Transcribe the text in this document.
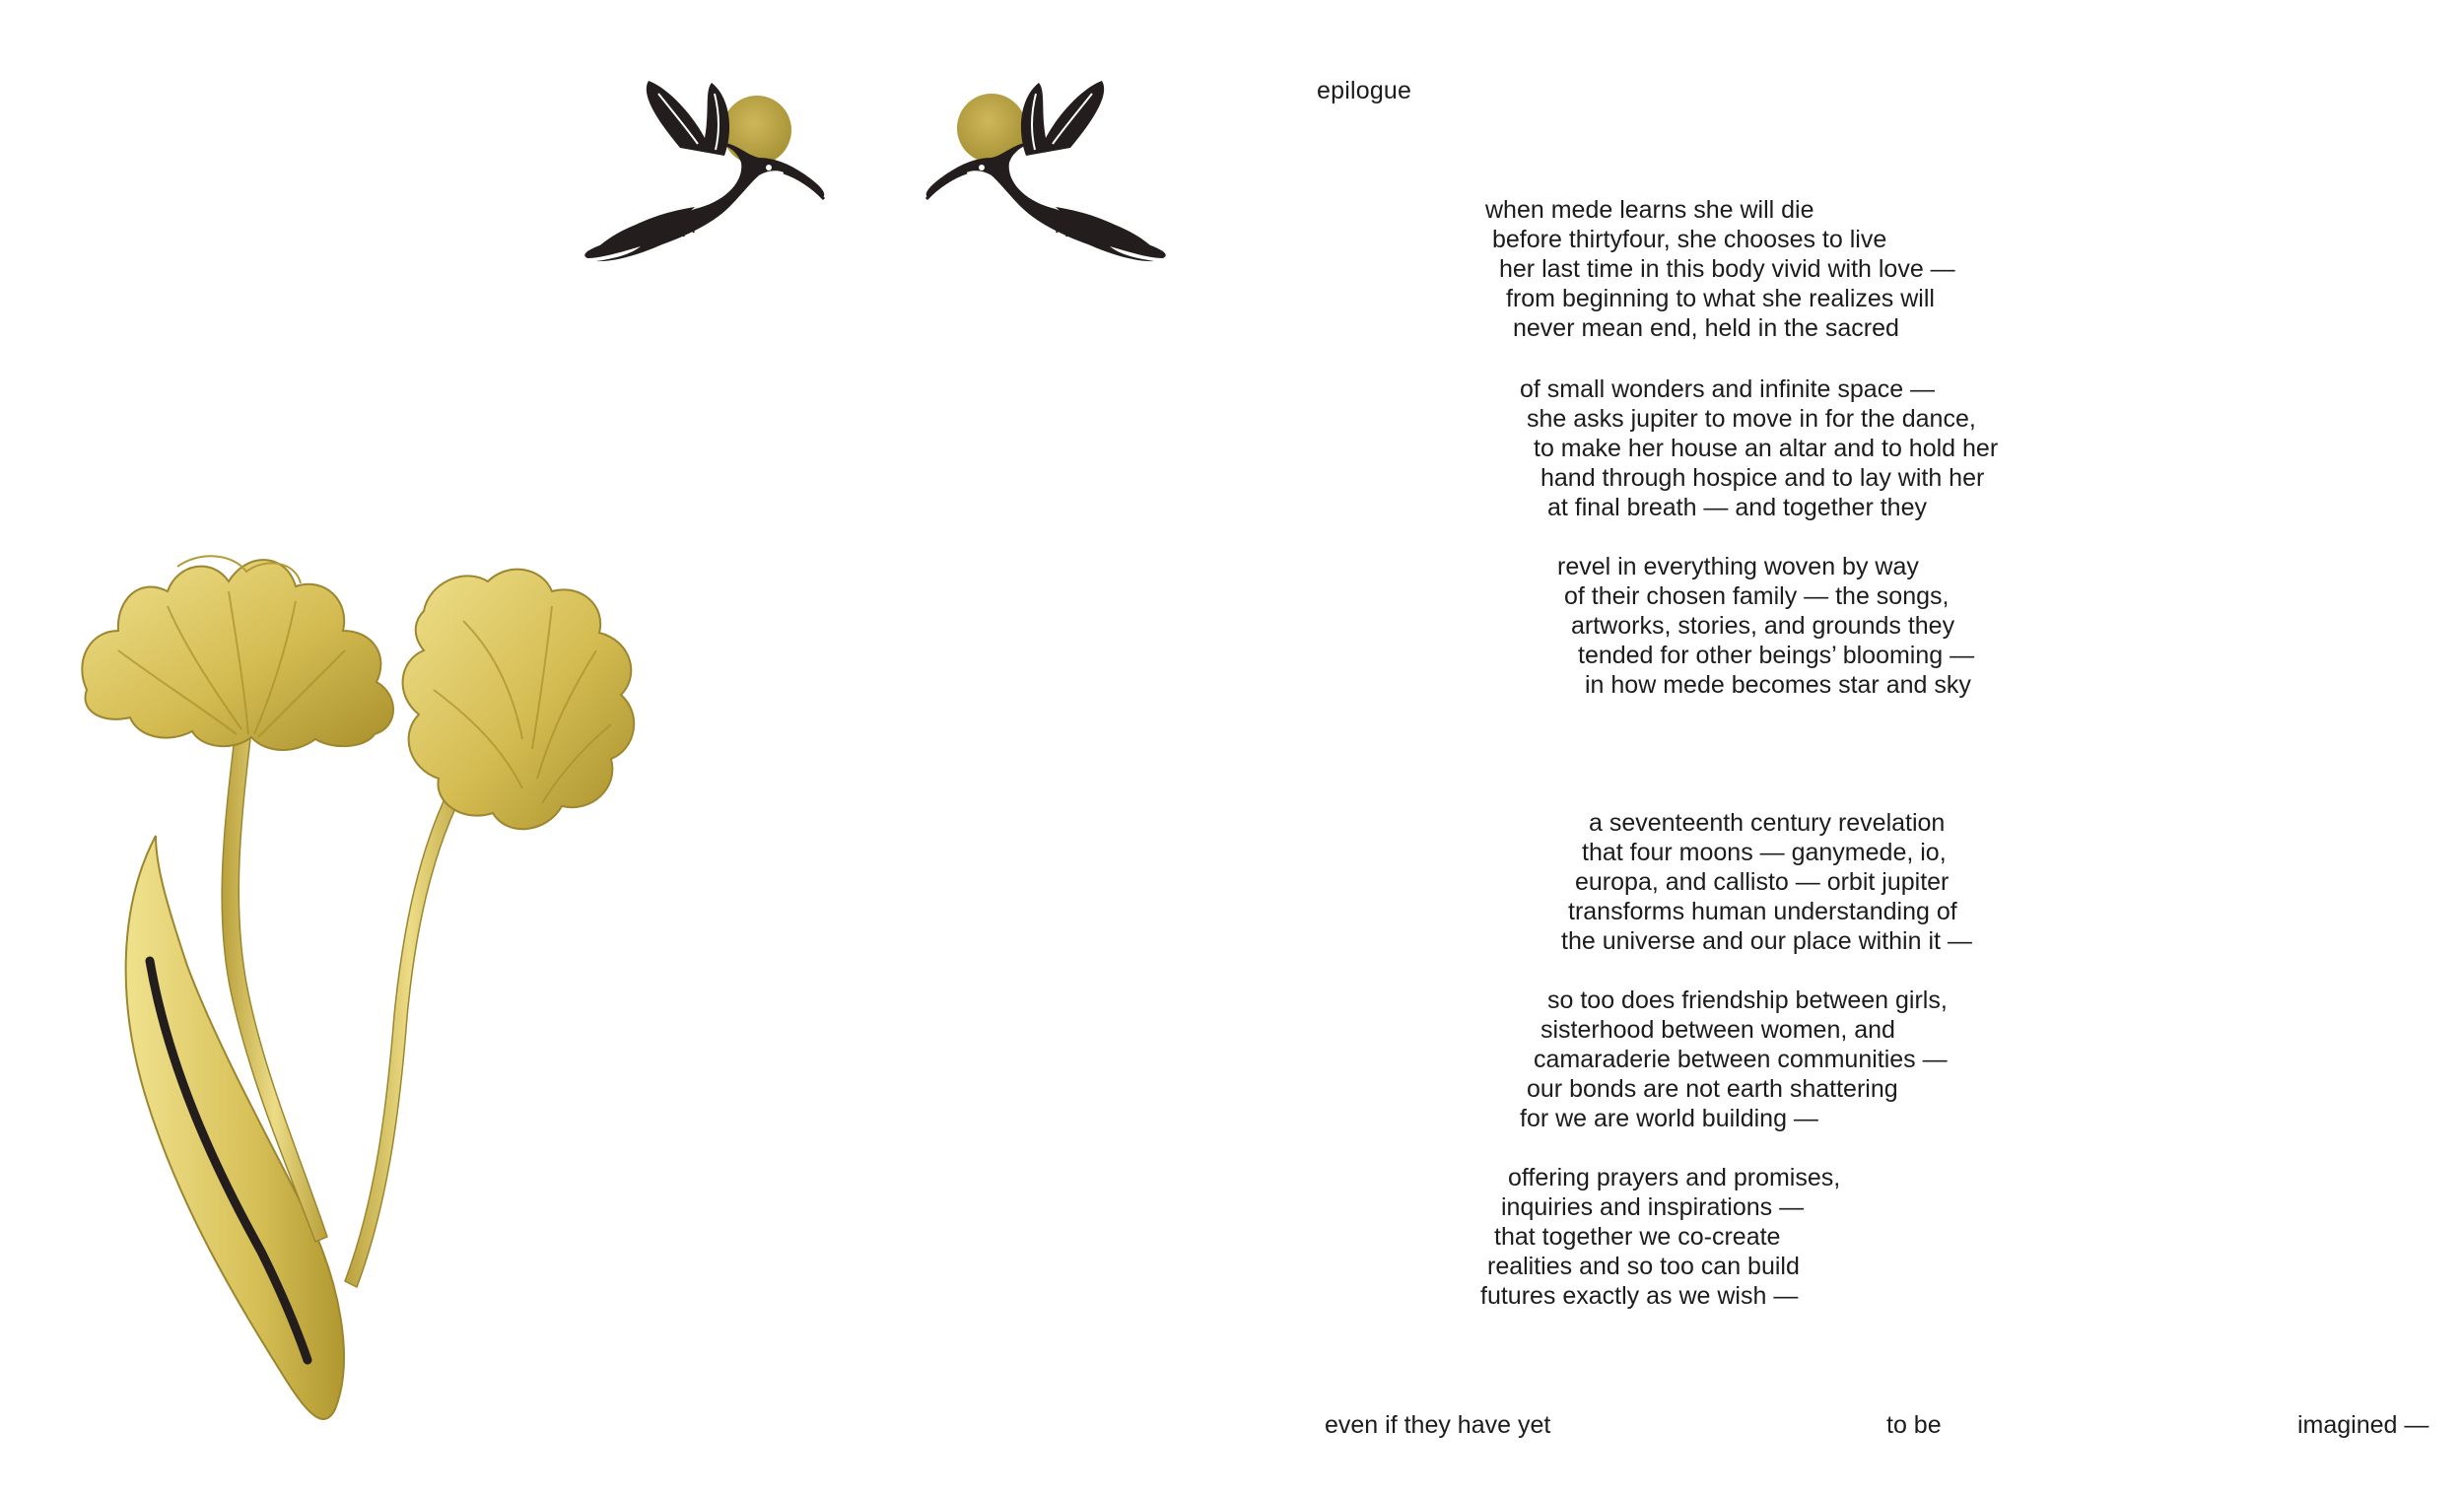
epilogue
when mede learns she will die
before thirtyfour, she chooses to live
her last time in this body vivid with love —
from beginning to what she realizes will
never mean end, held in the sacred
of small wonders and infinite space —
she asks jupiter to move in for the dance,
to make her house an altar and to hold her
hand through hospice and to lay with her
at final breath — and together they
revel in everything woven by way
of their chosen family — the songs,
artworks, stories, and grounds they
tended for other beings’ blooming —
in how mede becomes star and sky
a seventeenth century revelation
that four moons — ganymede, io,
europa, and callisto — orbit jupiter
transforms human understanding of
the universe and our place within it —
so too does friendship between girls,
sisterhood between women, and
camaraderie between communities —
our bonds are not earth shattering
for we are world building —
offering prayers and promises,
inquiries and inspirations —
that together we co-create
realities and so too can build
futures exactly as we wish —
even if they have yet	to be	imagined —
